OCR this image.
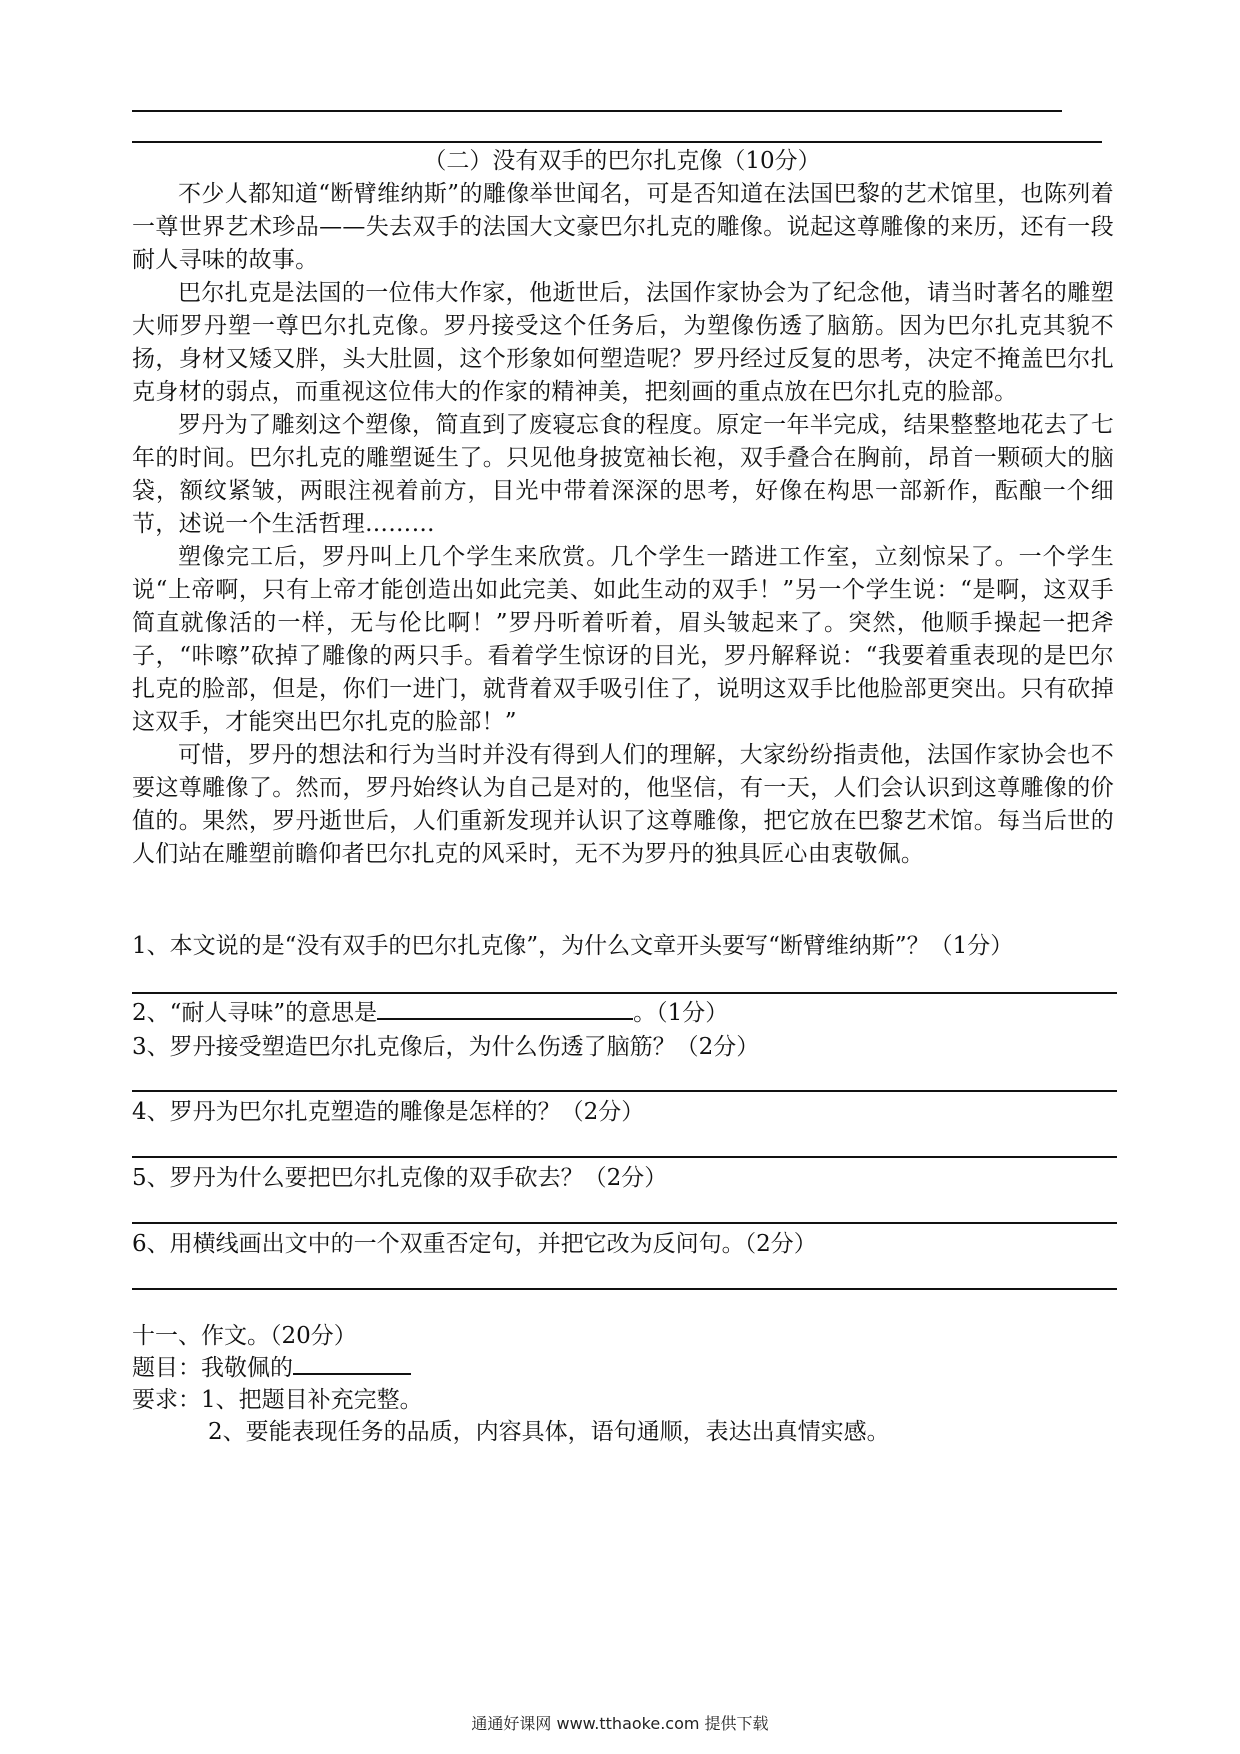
（二）没有双手的巴尔扎克像（10分）

不少人都知道“断臂维纳斯”的雕像举世闻名，可是否知道在法国巴黎的艺术馆里，也陈列着一尊世界艺术珍品——失去双手的法国大文豪巴尔扎克的雕像。说起这尊雕像的来历，还有一段耐人寻味的故事。

巴尔扎克是法国的一位伟大作家，他逝世后，法国作家协会为了纪念他，请当时著名的雕塑大师罗丹塑一尊巴尔扎克像。罗丹接受这个任务后，为塑像伤透了脑筋。因为巴尔扎克其貌不扬，身材又矮又胖，头大肚圆，这个形象如何塑造呢？罗丹经过反复的思考，决定不掩盖巴尔扎克身材的弱点，而重视这位伟大的作家的精神美，把刻画的重点放在巴尔扎克的脸部。

罗丹为了雕刻这个塑像，简直到了废寝忘食的程度。原定一年半完成，结果整整地花去了七年的时间。巴尔扎克的雕塑诞生了。只见他身披宽袖长袍，双手叠合在胸前，昂首一颗硕大的脑袋，额纹紧皱，两眼注视着前方，目光中带着深深的思考，好像在构思一部新作，酝酿一个细节，述说一个生活哲理………

塑像完工后，罗丹叫上几个学生来欣赏。几个学生一踏进工作室，立刻惊呆了。一个学生说“上帝啊，只有上帝才能创造出如此完美、如此生动的双手！”另一个学生说：“是啊，这双手简直就像活的一样，无与伦比啊！”罗丹听着听着，眉头皱起来了。突然，他顺手操起一把斧子，“咔嚓”砍掉了雕像的两只手。看着学生惊讶的目光，罗丹解释说：“我要着重表现的是巴尔扎克的脸部，但是，你们一进门，就背着双手吸引住了，说明这双手比他脸部更突出。只有砍掉这双手，才能突出巴尔扎克的脸部！”

可惜，罗丹的想法和行为当时并没有得到人们的理解，大家纷纷指责他，法国作家协会也不要这尊雕像了。然而，罗丹始终认为自己是对的，他坚信，有一天，人们会认识到这尊雕像的价值的。果然，罗丹逝世后，人们重新发现并认识了这尊雕像，把它放在巴黎艺术馆。每当后世的人们站在雕塑前瞻仰者巴尔扎克的风采时，无不为罗丹的独具匠心由衷敬佩。

1、本文说的是“没有双手的巴尔扎克像”，为什么文章开头要写“断臂维纳斯”？（1分）
2、“耐人寻味”的意思是	。（1分）
3、罗丹接受塑造巴尔扎克像后，为什么伤透了脑筋？（2分）
4、罗丹为巴尔扎克塑造的雕像是怎样的？（2分）
5、罗丹为什么要把巴尔扎克像的双手砍去？（2分）
6、用横线画出文中的一个双重否定句，并把它改为反问句。（2分）
十一、作文。（20分）
题目：我敬佩的
要求：1、把题目补充完整。
2、要能表现任务的品质，内容具体，语句通顺，表达出真情实感。
通通好课网 www.tthaoke.com 提供下载
